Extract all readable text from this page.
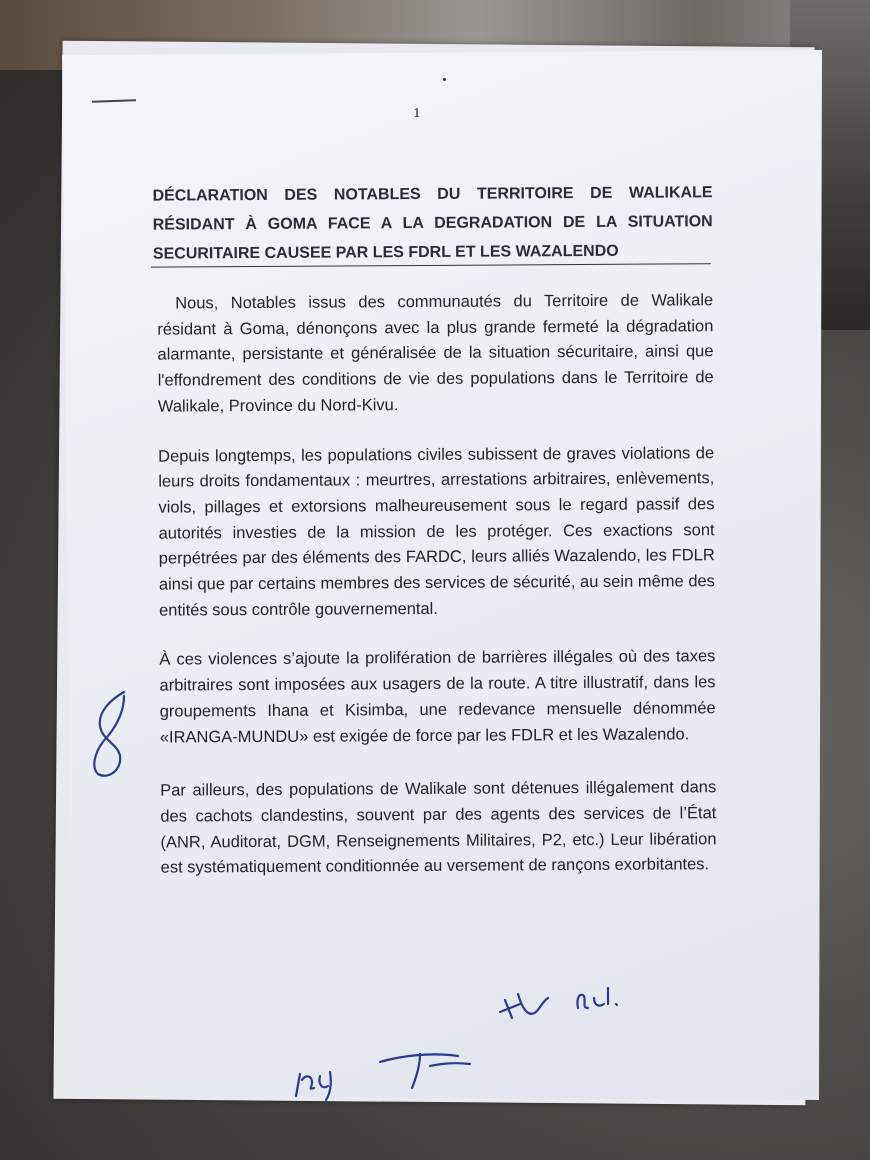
1
DÉCLARATION DES NOTABLES DU TERRITOIRE DE WALIKALE RÉSIDANT À GOMA FACE A LA DEGRADATION DE LA SITUATION SECURITAIRE CAUSEE PAR LES FDRL ET LES WAZALENDO

Nous, Notables issus des communautés du Territoire de Walikale résidant à Goma, dénonçons avec la plus grande fermeté la dégradation alarmante, persistante et généralisée de la situation sécuritaire, ainsi que l'effondrement des conditions de vie des populations dans le Territoire de Walikale, Province du Nord-Kivu.

Depuis longtemps, les populations civiles subissent de graves violations de leurs droits fondamentaux : meurtres, arrestations arbitraires, enlèvements, viols, pillages et extorsions malheureusement sous le regard passif des autorités investies de la mission de les protéger. Ces exactions sont perpétrées par des éléments des FARDC, leurs alliés Wazalendo, les FDLR ainsi que par certains membres des services de sécurité, au sein même des entités sous contrôle gouvernemental.

À ces violences s’ajoute la prolifération de barrières illégales où des taxes arbitraires sont imposées aux usagers de la route. A titre illustratif, dans les groupements Ihana et Kisimba, une redevance mensuelle dénommée «IRANGA-MUNDU» est exigée de force par les FDLR et les Wazalendo.

Par ailleurs, des populations de Walikale sont détenues illégalement dans des cachots clandestins, souvent par des agents des services de l’État (ANR, Auditorat, DGM, Renseignements Militaires, P2, etc.) Leur libération est systématiquement conditionnée au versement de rançons exorbitantes.
